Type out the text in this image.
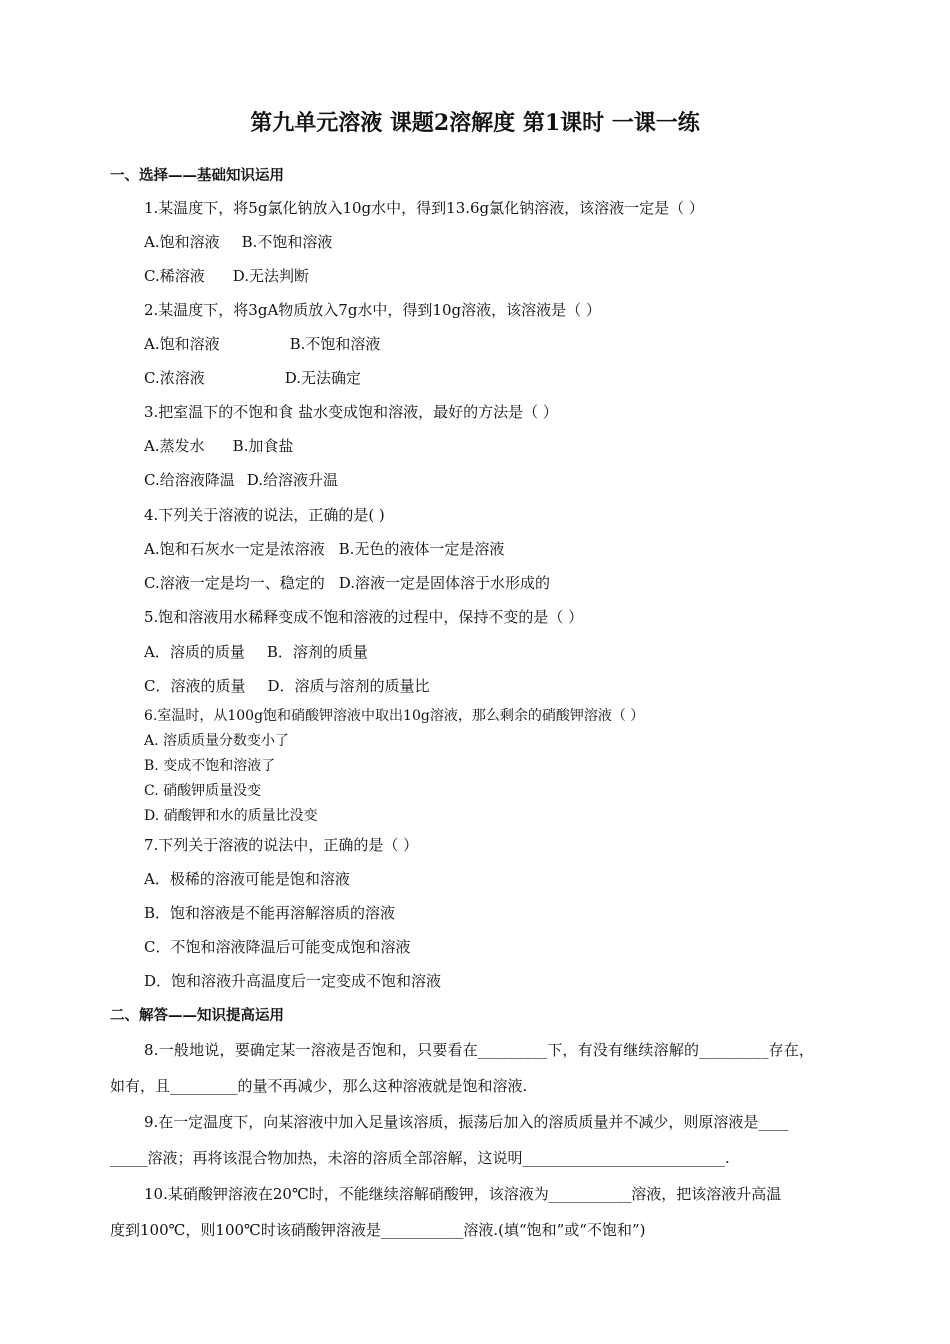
第九单元溶液 课题2溶解度 第1课时 一课一练
一、选择——基础知识运用
1.某温度下，将5g氯化钠放入10g水中，得到13.6g氯化钠溶液，该溶液一定是（ ）
A.饱和溶液 B.不饱和溶液
C.稀溶液 D.无法判断
2.某温度下，将3gA物质放入7g水中，得到10g溶液，该溶液是（ ）
A.饱和溶液	B.不饱和溶液
C.浓溶液	D.无法确定
3.把室温下的不饱和食 盐水变成饱和溶液，最好的方法是（ ）
A.蒸发水 B.加食盐
C.给溶液降温 D.给溶液升温
4.下列关于溶液的说法，正确的是( )
A.饱和石灰水一定是浓溶液 B.无色的液体一定是溶液
C.溶液一定是均一、稳定的 D.溶液一定是固体溶于水形成的
5.饱和溶液用水稀释变成不饱和溶液的过程中，保持不变的是（ ）
A．溶质的质量 B．溶剂的质量
C．溶液的质量 D．溶质与溶剂的质量比
6.室温时，从100g饱和硝酸钾溶液中取出10g溶液，那么剩余的硝酸钾溶液（ ）
A. 溶质质量分数变小了
B. 变成不饱和溶液了
C. 硝酸钾质量没变
D. 硝酸钾和水的质量比没变
7.下列关于溶液的说法中，正确的是（ ）
A．极稀的溶液可能是饱和溶液
B．饱和溶液是不能再溶解溶质的溶液
C．不饱和溶液降温后可能变成饱和溶液
D．饱和溶液升高温度后一定变成不饱和溶液
二、解答——知识提高运用
8.一般地说，要确定某一溶液是否饱和，只要看在_________下，有没有继续溶解的_________存在，
如有，且_________的量不再减少，那么这种溶液就是饱和溶液.
9.在一定温度下，向某溶液中加入足量该溶质，振荡后加入的溶质质量并不减少，则原溶液是____
_____溶液；再将该混合物加热，未溶的溶质全部溶解，这说明___________________________.
10.某硝酸钾溶液在20℃时，不能继续溶解硝酸钾，该溶液为___________溶液，把该溶液升高温
度到100℃，则100℃时该硝酸钾溶液是___________溶液.(填“饱和”或“不饱和”)
